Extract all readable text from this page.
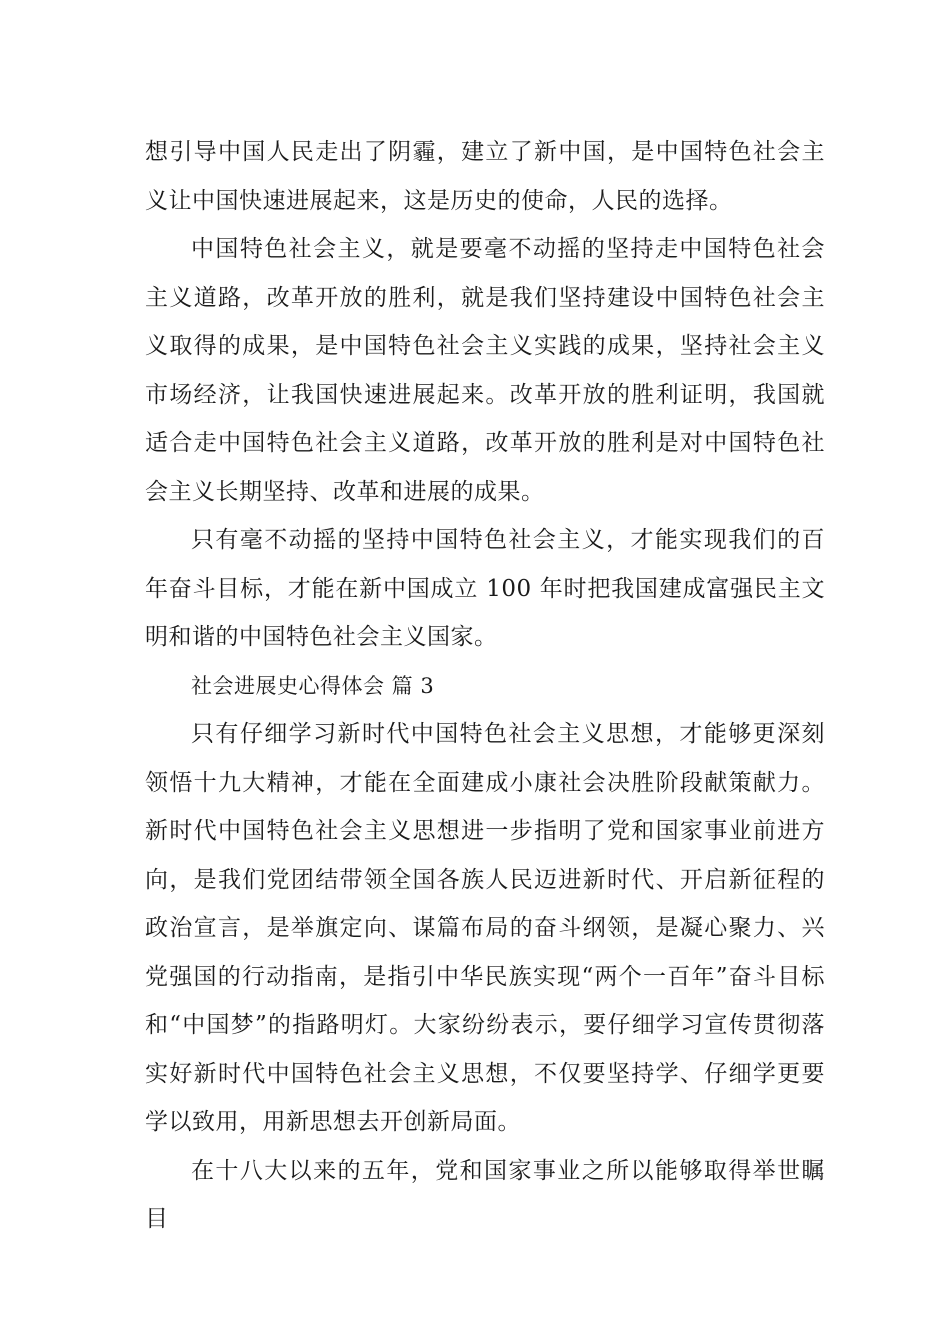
想引导中国人民走出了阴霾，建立了新中国，是中国特色社会主义让中国快速进展起来，这是历史的使命，人民的选择。

中国特色社会主义，就是要毫不动摇的坚持走中国特色社会主义道路，改革开放的胜利，就是我们坚持建设中国特色社会主义取得的成果，是中国特色社会主义实践的成果，坚持社会主义市场经济，让我国快速进展起来。改革开放的胜利证明，我国就适合走中国特色社会主义道路，改革开放的胜利是对中国特色社会主义长期坚持、改革和进展的成果。

只有毫不动摇的坚持中国特色社会主义，才能实现我们的百年奋斗目标，才能在新中国成立 100 年时把我国建成富强民主文明和谐的中国特色社会主义国家。

社会进展史心得体会 篇 3

只有仔细学习新时代中国特色社会主义思想，才能够更深刻领悟十九大精神，才能在全面建成小康社会决胜阶段献策献力。新时代中国特色社会主义思想进一步指明了党和国家事业前进方向，是我们党团结带领全国各族人民迈进新时代、开启新征程的政治宣言，是举旗定向、谋篇布局的奋斗纲领，是凝心聚力、兴党强国的行动指南，是指引中华民族实现“两个一百年”奋斗目标和“中国梦”的指路明灯。大家纷纷表示，要仔细学习宣传贯彻落实好新时代中国特色社会主义思想，不仅要坚持学、仔细学更要学以致用，用新思想去开创新局面。

在十八大以来的五年，党和国家事业之所以能够取得举世瞩目
